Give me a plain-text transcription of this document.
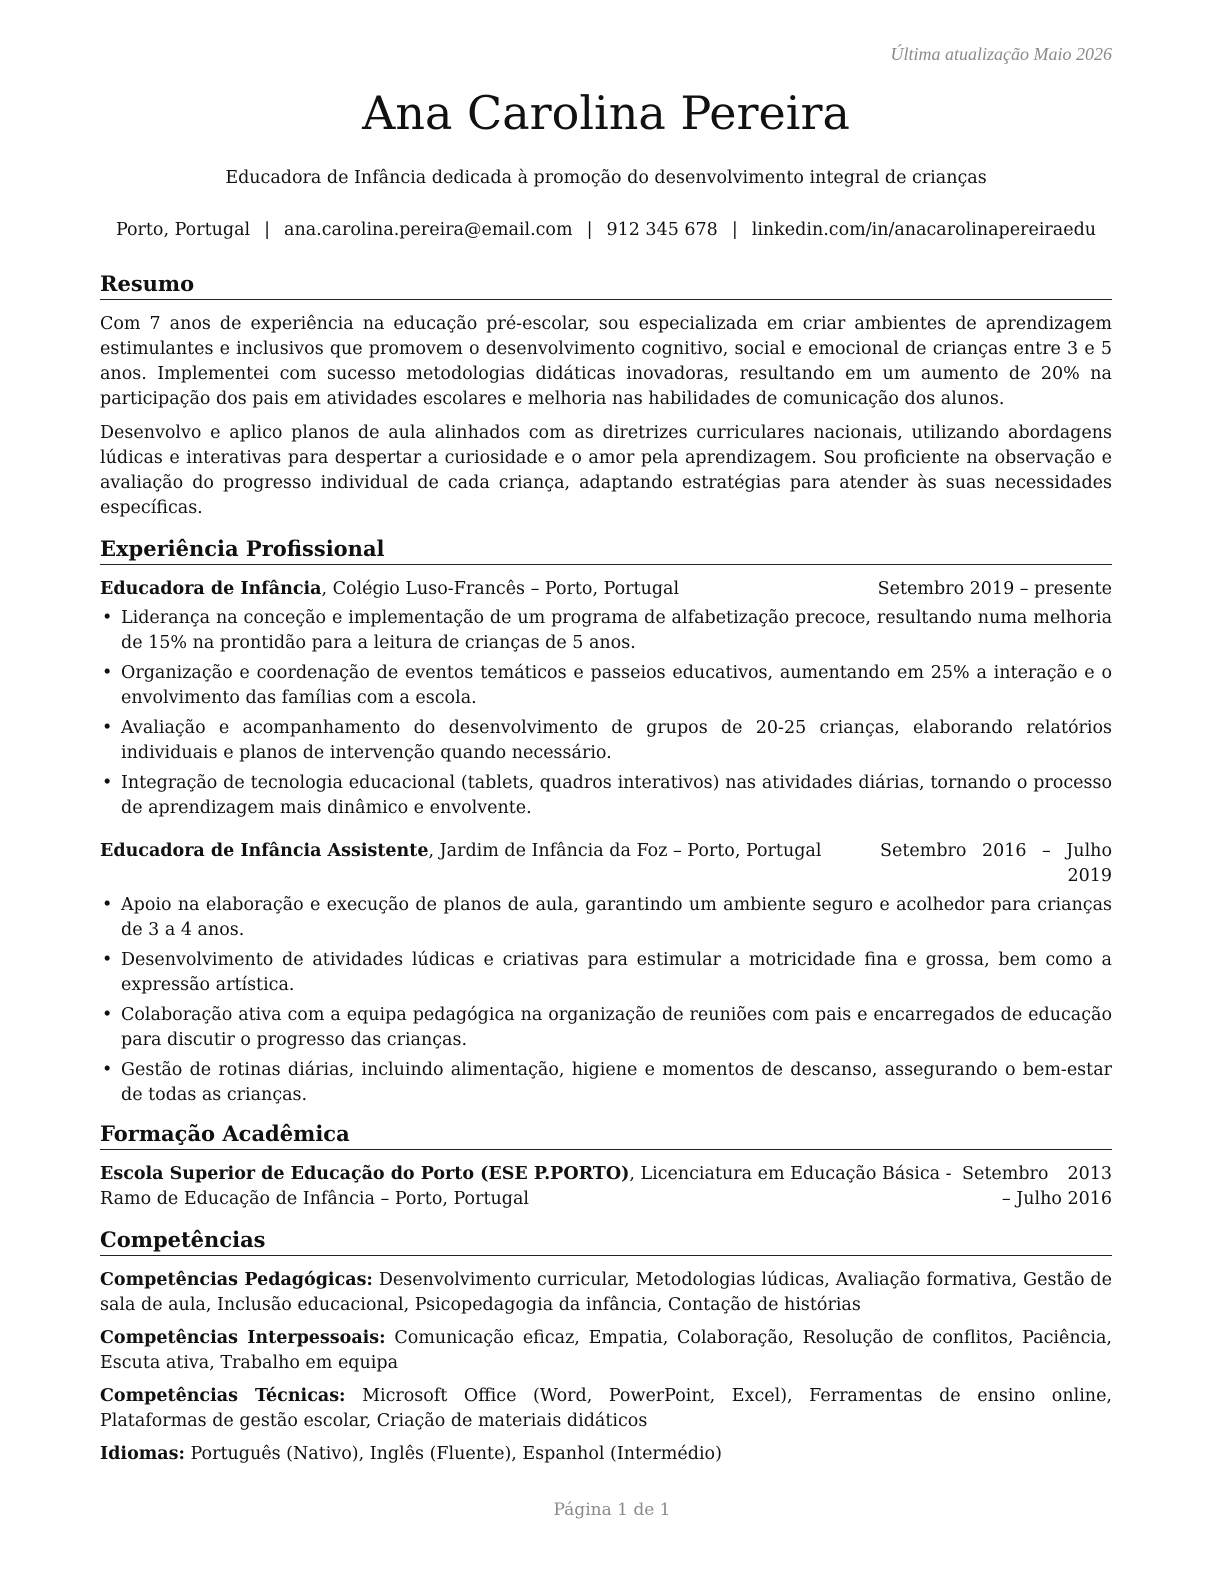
Última atualização Maio 2026
Ana Carolina Pereira
Educadora de Infância dedicada à promoção do desenvolvimento integral de crianças
Porto, Portugal | ana.carolina.pereira@email.com | 912 345 678 | linkedin.com/in/anacarolinapereiraedu
Resumo

Com 7 anos de experiência na educação pré-escolar, sou especializada em criar ambientes de aprendizagem estimulantes e inclusivos que promovem o desenvolvimento cognitivo, social e emocional de crianças entre 3 e 5 anos. Implementei com sucesso metodologias didáticas inovadoras, resultando em um aumento de 20% na participação dos pais em atividades escolares e melhoria nas habilidades de comunicação dos alunos.

Desenvolvo e aplico planos de aula alinhados com as diretrizes curriculares nacionais, utilizando abordagens lúdicas e interativas para despertar a curiosidade e o amor pela aprendizagem. Sou proficiente na observação e avaliação do progresso individual de cada criança, adaptando estratégias para atender às suas necessidades específicas.

Experiência Profissional
Educadora de Infância, Colégio Luso-Francês – Porto, Portugal	Setembro 2019 – presente
• Liderança na conceção e implementação de um programa de alfabetização precoce, resultando numa melhoria de 15% na prontidão para a leitura de crianças de 5 anos.
• Organização e coordenação de eventos temáticos e passeios educativos, aumentando em 25% a interação e o envolvimento das famílias com a escola.
• Avaliação e acompanhamento do desenvolvimento de grupos de 20-25 crianças, elaborando relatórios individuais e planos de intervenção quando necessário.
• Integração de tecnologia educacional (tablets, quadros interativos) nas atividades diárias, tornando o processo de aprendizagem mais dinâmico e envolvente.
Educadora de Infância Assistente, Jardim de Infância da Foz – Porto, Portugal	Setembro 2016 – Julho 2019
• Apoio na elaboração e execução de planos de aula, garantindo um ambiente seguro e acolhedor para crianças de 3 a 4 anos.
• Desenvolvimento de atividades lúdicas e criativas para estimular a motricidade fina e grossa, bem como a expressão artística.
• Colaboração ativa com a equipa pedagógica na organização de reuniões com pais e encarregados de educação para discutir o progresso das crianças.
• Gestão de rotinas diárias, incluindo alimentação, higiene e momentos de descanso, assegurando o bem-estar de todas as crianças.
Formação Acadêmica
Escola Superior de Educação do Porto (ESE P.PORTO), Licenciatura em Educação Básica - Ramo de Educação de Infância – Porto, Portugal
Setembro 2013 – Julho 2016
Competências
Competências Pedagógicas: Desenvolvimento curricular, Metodologias lúdicas, Avaliação formativa, Gestão de sala de aula, Inclusão educacional, Psicopedagogia da infância, Contação de histórias
Competências Interpessoais: Comunicação eficaz, Empatia, Colaboração, Resolução de conflitos, Paciência, Escuta ativa, Trabalho em equipa
Competências Técnicas: Microsoft Office (Word, PowerPoint, Excel), Ferramentas de ensino online, Plataformas de gestão escolar, Criação de materiais didáticos
Idiomas: Português (Nativo), Inglês (Fluente), Espanhol (Intermédio)
Página 1 de 1
